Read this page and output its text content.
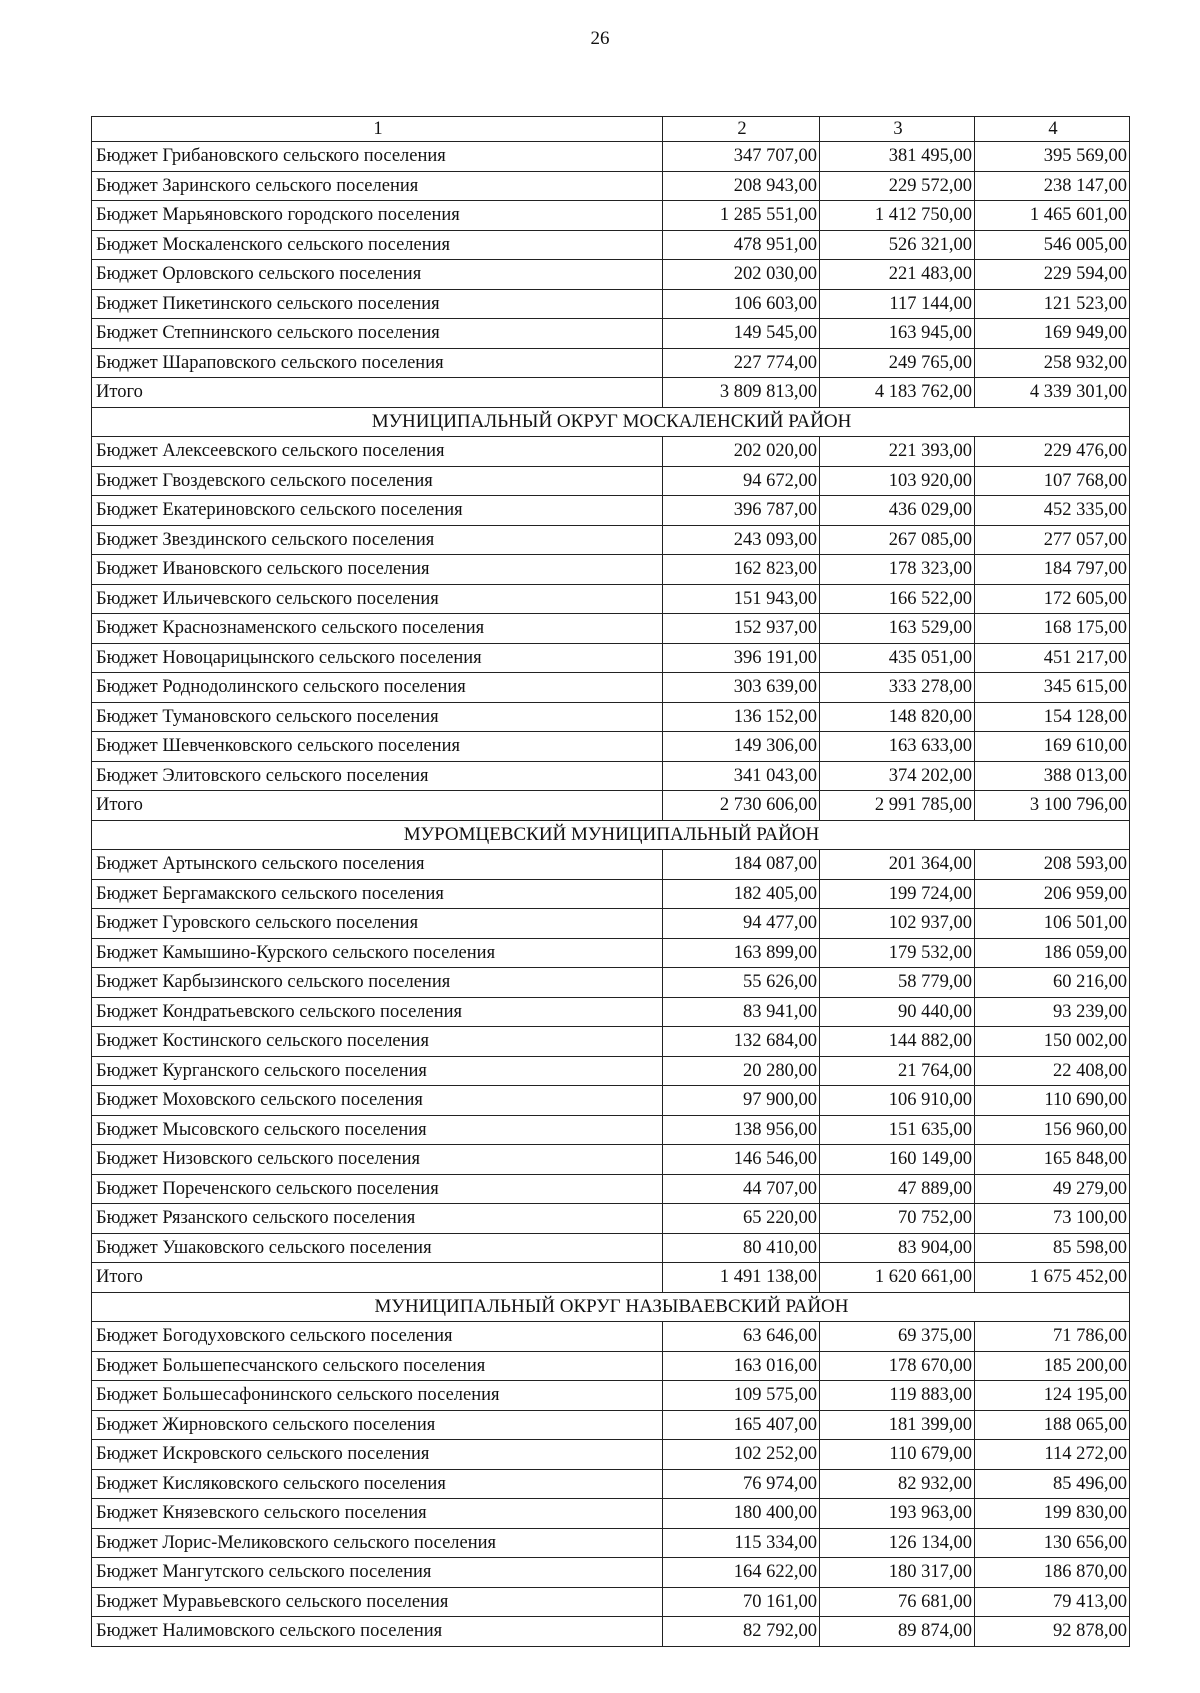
26
1	2	3	4
Бюджет Грибановского сельского поселения	347 707,00	381 495,00	395 569,00
Бюджет Заринского сельского поселения	208 943,00	229 572,00	238 147,00
Бюджет Марьяновского городского поселения	1 285 551,00	1 412 750,00	1 465 601,00
Бюджет Москаленского сельского поселения	478 951,00	526 321,00	546 005,00
Бюджет Орловского сельского поселения	202 030,00	221 483,00	229 594,00
Бюджет Пикетинского сельского поселения	106 603,00	117 144,00	121 523,00
Бюджет Степнинского сельского поселения	149 545,00	163 945,00	169 949,00
Бюджет Шараповского сельского поселения	227 774,00	249 765,00	258 932,00
Итого	3 809 813,00	4 183 762,00	4 339 301,00
МУНИЦИПАЛЬНЫЙ ОКРУГ МОСКАЛЕНСКИЙ РАЙОН			
Бюджет Алексеевского сельского поселения	202 020,00	221 393,00	229 476,00
Бюджет Гвоздевского сельского поселения	94 672,00	103 920,00	107 768,00
Бюджет Екатериновского сельского поселения	396 787,00	436 029,00	452 335,00
Бюджет Звездинского сельского поселения	243 093,00	267 085,00	277 057,00
Бюджет Ивановского сельского поселения	162 823,00	178 323,00	184 797,00
Бюджет Ильичевского сельского поселения	151 943,00	166 522,00	172 605,00
Бюджет Краснознаменского сельского поселения	152 937,00	163 529,00	168 175,00
Бюджет Новоцарицынского сельского поселения	396 191,00	435 051,00	451 217,00
Бюджет Роднодолинского сельского поселения	303 639,00	333 278,00	345 615,00
Бюджет Тумановского сельского поселения	136 152,00	148 820,00	154 128,00
Бюджет Шевченковского сельского поселения	149 306,00	163 633,00	169 610,00
Бюджет Элитовского сельского поселения	341 043,00	374 202,00	388 013,00
Итого	2 730 606,00	2 991 785,00	3 100 796,00
МУРОМЦЕВСКИЙ МУНИЦИПАЛЬНЫЙ РАЙОН			
Бюджет Артынского сельского поселения	184 087,00	201 364,00	208 593,00
Бюджет Бергамакского сельского поселения	182 405,00	199 724,00	206 959,00
Бюджет Гуровского сельского поселения	94 477,00	102 937,00	106 501,00
Бюджет Камышино-Курского сельского поселения	163 899,00	179 532,00	186 059,00
Бюджет Карбызинского сельского поселения	55 626,00	58 779,00	60 216,00
Бюджет Кондратьевского сельского поселения	83 941,00	90 440,00	93 239,00
Бюджет Костинского сельского поселения	132 684,00	144 882,00	150 002,00
Бюджет Курганского сельского поселения	20 280,00	21 764,00	22 408,00
Бюджет Моховского сельского поселения	97 900,00	106 910,00	110 690,00
Бюджет Мысовского сельского поселения	138 956,00	151 635,00	156 960,00
Бюджет Низовского сельского поселения	146 546,00	160 149,00	165 848,00
Бюджет Пореченского сельского поселения	44 707,00	47 889,00	49 279,00
Бюджет Рязанского сельского поселения	65 220,00	70 752,00	73 100,00
Бюджет Ушаковского сельского поселения	80 410,00	83 904,00	85 598,00
Итого	1 491 138,00	1 620 661,00	1 675 452,00
МУНИЦИПАЛЬНЫЙ ОКРУГ НАЗЫВАЕВСКИЙ РАЙОН			
Бюджет Богодуховского сельского поселения	63 646,00	69 375,00	71 786,00
Бюджет Большепесчанского сельского поселения	163 016,00	178 670,00	185 200,00
Бюджет Большесафонинского сельского поселения	109 575,00	119 883,00	124 195,00
Бюджет Жирновского сельского поселения	165 407,00	181 399,00	188 065,00
Бюджет Искровского сельского поселения	102 252,00	110 679,00	114 272,00
Бюджет Кисляковского сельского поселения	76 974,00	82 932,00	85 496,00
Бюджет Князевского сельского поселения	180 400,00	193 963,00	199 830,00
Бюджет Лорис-Меликовского сельского поселения	115 334,00	126 134,00	130 656,00
Бюджет Мангутского сельского поселения	164 622,00	180 317,00	186 870,00
Бюджет Муравьевского сельского поселения	70 161,00	76 681,00	79 413,00
Бюджет Налимовского сельского поселения	82 792,00	89 874,00	92 878,00
